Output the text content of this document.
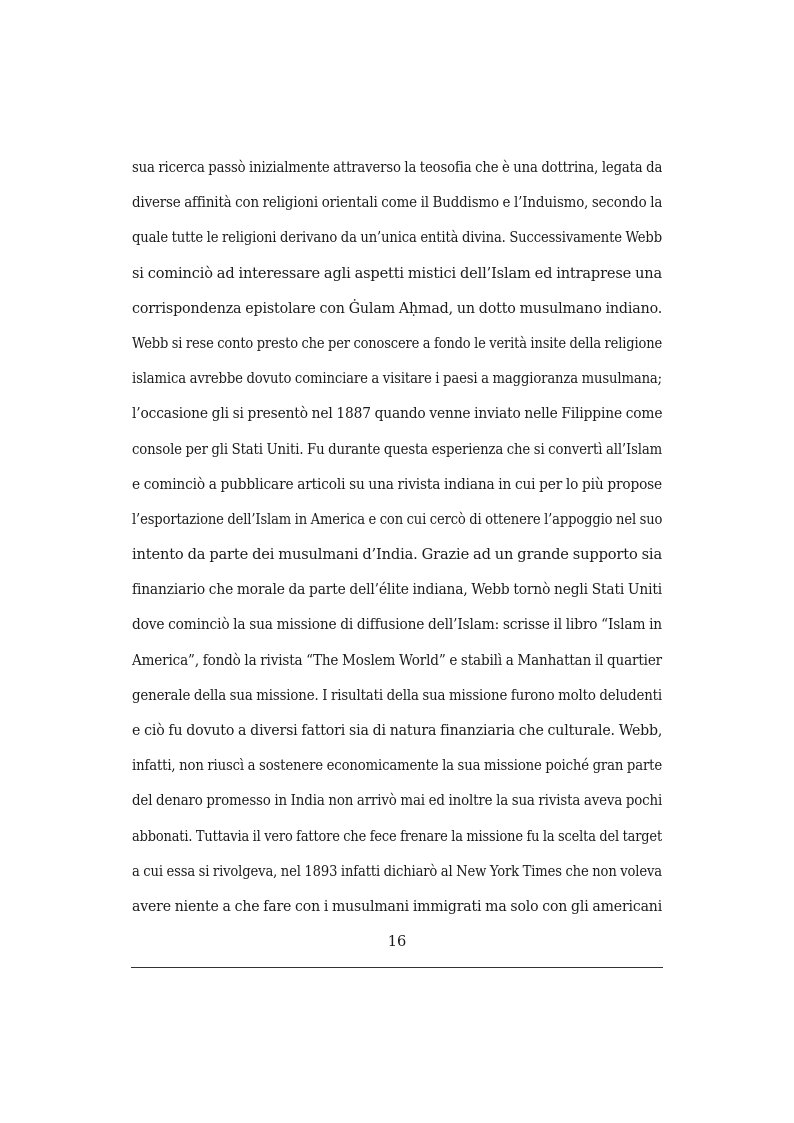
sua ricerca passò inizialmente attraverso la teosofia che è una dottrina, legata da
diverse affinità con religioni orientali come il Buddismo e l’Induismo, secondo la
quale tutte le religioni derivano da un’unica entità divina. Successivamente Webb
si cominciò ad interessare agli aspetti mistici dell’Islam ed intraprese una
corrispondenza epistolare con Ġulam Aḥmad, un dotto musulmano indiano.
Webb si rese conto presto che per conoscere a fondo le verità insite della religione
islamica avrebbe dovuto cominciare a visitare i paesi a maggioranza musulmana;
l’occasione gli si presentò nel 1887 quando venne inviato nelle Filippine come
console per gli Stati Uniti. Fu durante questa esperienza che si convertì all’Islam
e cominciò a pubblicare articoli su una rivista indiana in cui per lo più propose
l’esportazione dell’Islam in America e con cui cercò di ottenere l’appoggio nel suo
intento da parte dei musulmani d’India. Grazie ad un grande supporto sia
finanziario che morale da parte dell’élite indiana, Webb tornò negli Stati Uniti
dove cominciò la sua missione di diffusione dell’Islam: scrisse il libro “Islam in
America”, fondò la rivista “The Moslem World” e stabilì a Manhattan il quartier
generale della sua missione. I risultati della sua missione furono molto deludenti
e ciò fu dovuto a diversi fattori sia di natura finanziaria che culturale. Webb,
infatti, non riuscì a sostenere economicamente la sua missione poiché gran parte
del denaro promesso in India non arrivò mai ed inoltre la sua rivista aveva pochi
abbonati. Tuttavia il vero fattore che fece frenare la missione fu la scelta del target
a cui essa si rivolgeva, nel 1893 infatti dichiarò al New York Times che non voleva
avere niente a che fare con i musulmani immigrati ma solo con gli americani
16
